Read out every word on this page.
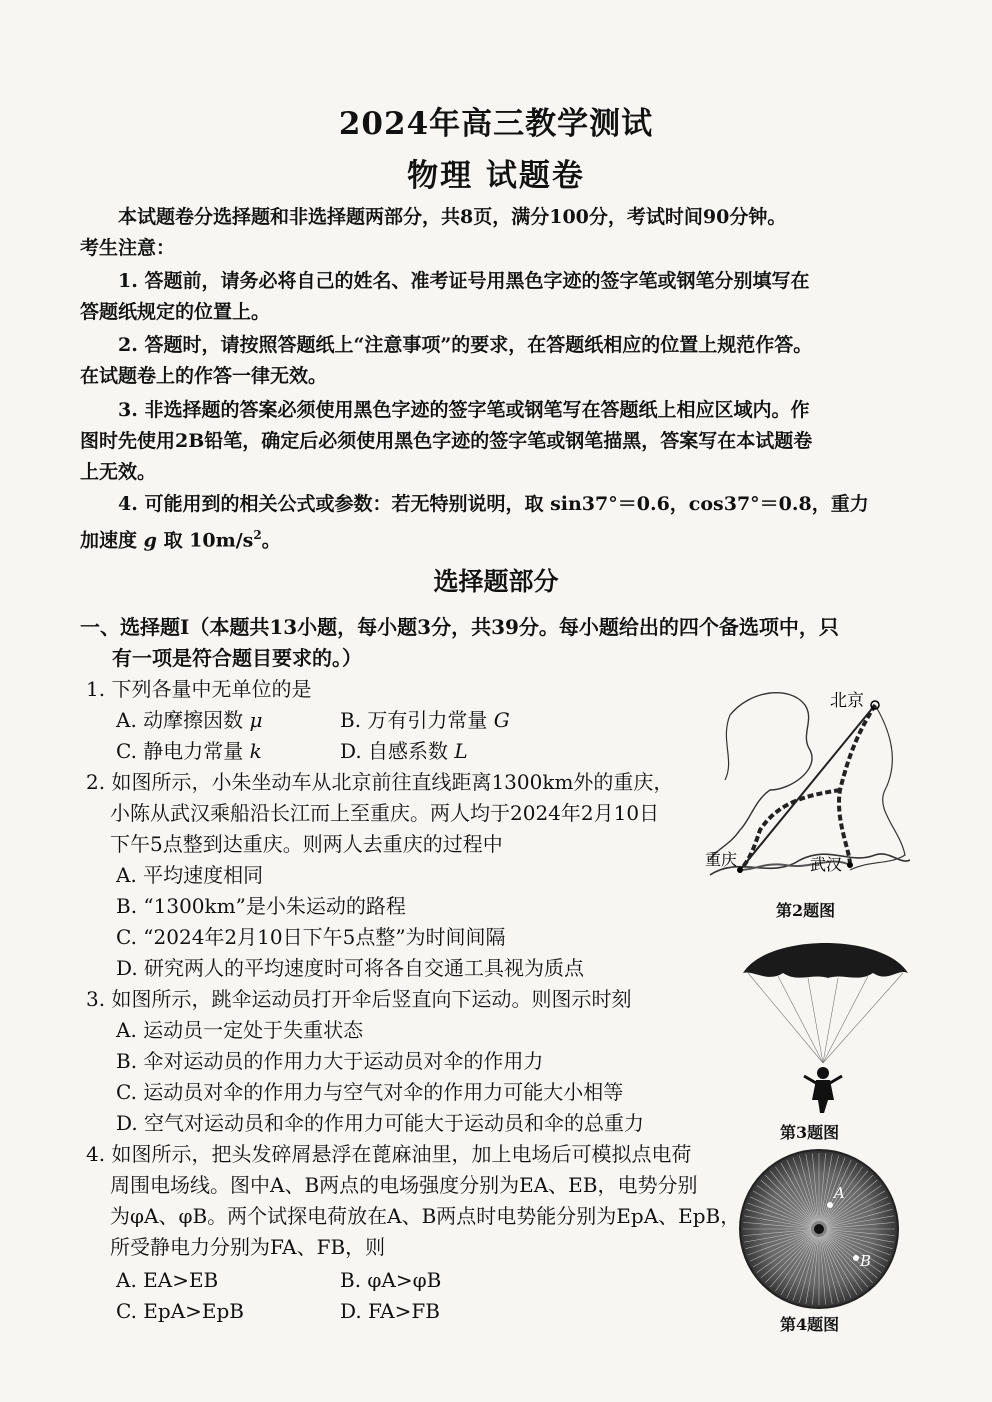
2024年高三教学测试
物理 试题卷
本试题卷分选择题和非选择题两部分，共8页，满分100分，考试时间90分钟。
考生注意：
1. 答题前，请务必将自己的姓名、准考证号用黑色字迹的签字笔或钢笔分别填写在
答题纸规定的位置上。
2. 答题时，请按照答题纸上“注意事项”的要求，在答题纸相应的位置上规范作答。
在试题卷上的作答一律无效。
3. 非选择题的答案必须使用黑色字迹的签字笔或钢笔写在答题纸上相应区域内。作
图时先使用2B铅笔，确定后必须使用黑色字迹的签字笔或钢笔描黑，答案写在本试题卷
上无效。
4. 可能用到的相关公式或参数：若无特别说明，取 sin37°＝0.6，cos37°＝0.8，重力
加速度 g 取 $10m/s^2$。
选择题部分
一、选择题Ⅰ（本题共13小题，每小题3分，共39分。每小题给出的四个备选项中，只
有一项是符合题目要求的。）
1. 下列各量中无单位的是
A. 动摩擦因数 μ	B. 万有引力常量 G
C. 静电力常量 k	D. 自感系数 L
2. 如图所示，小朱坐动车从北京前往直线距离1300km外的重庆，
小陈从武汉乘船沿长江而上至重庆。两人均于2024年2月10日
下午5点整到达重庆。则两人去重庆的过程中
A. 平均速度相同
B. “1300km”是小朱运动的路程
C. “2024年2月10日下午5点整”为时间间隔
D. 研究两人的平均速度时可将各自交通工具视为质点
3. 如图所示，跳伞运动员打开伞后竖直向下运动。则图示时刻
A. 运动员一定处于失重状态
B. 伞对运动员的作用力大于运动员对伞的作用力
C. 运动员对伞的作用力与空气对伞的作用力可能大小相等
D. 空气对运动员和伞的作用力可能大于运动员和伞的总重力
4. 如图所示，把头发碎屑悬浮在蓖麻油里，加上电场后可模拟点电荷
周围电场线。图中A、B两点的电场强度分别为EA、EB，电势分别
为φA、φB。两个试探电荷放在A、B两点时电势能分别为EpA、EpB，
所受静电力分别为FA、FB，则
A. EA>EB	B. φA>φB
C. EpA>EpB	D. FA>FB
北京
重庆	武汉
第2题图
第3题图
A
B
第4题图
